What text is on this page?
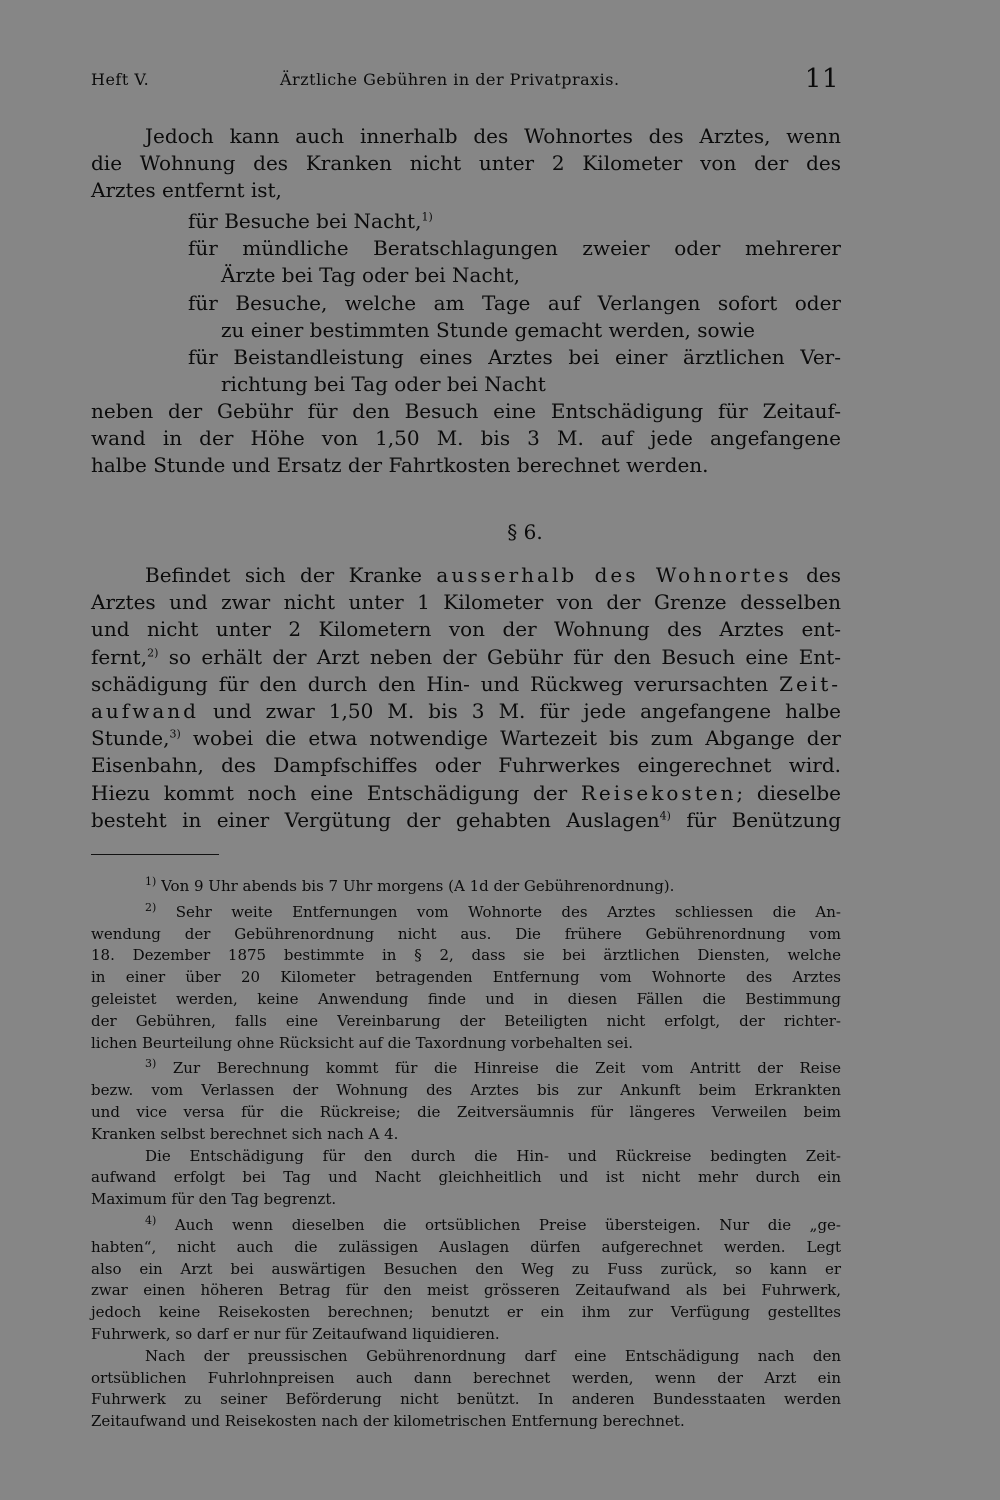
Heft V.	Ärztliche Gebühren in der Privatpraxis.	11
Jedoch kann auch innerhalb des Wohnortes des Arztes, wenn
die Wohnung des Kranken nicht unter 2 Kilometer von der des
Arztes entfernt ist,
für Besuche bei Nacht,$^{1)}$
für mündliche Beratschlagungen zweier oder mehrerer
Ärzte bei Tag oder bei Nacht,
für Besuche, welche am Tage auf Verlangen sofort oder
zu einer bestimmten Stunde gemacht werden, sowie
für Beistandleistung eines Arztes bei einer ärztlichen Ver-
richtung bei Tag oder bei Nacht
neben der Gebühr für den Besuch eine Entschädigung für Zeitauf-
wand in der Höhe von 1,50 M. bis 3 M. auf jede angefangene
halbe Stunde und Ersatz der Fahrtkosten berechnet werden.
§ 6.
Befindet sich der Kranke ausserhalb des Wohnortes des
Arztes und zwar nicht unter 1 Kilometer von der Grenze desselben
und nicht unter 2 Kilometern von der Wohnung des Arztes ent-
fernt,$^{2)}$ so erhält der Arzt neben der Gebühr für den Besuch eine Ent-
schädigung für den durch den Hin- und Rückweg verursachten Zeit-
aufwand und zwar 1,50 M. bis 3 M. für jede angefangene halbe
Stunde,$^{3)}$ wobei die etwa notwendige Wartezeit bis zum Abgange der
Eisenbahn, des Dampfschiffes oder Fuhrwerkes eingerechnet wird.
Hiezu kommt noch eine Entschädigung der Reisekosten; dieselbe
besteht in einer Vergütung der gehabten Auslagen$^{4)}$ für Benützung
$^{1)}$ Von 9 Uhr abends bis 7 Uhr morgens (A 1d der Gebührenordnung).
$^{2)}$ Sehr weite Entfernungen vom Wohnorte des Arztes schliessen die An-
wendung der Gebührenordnung nicht aus. Die frühere Gebührenordnung vom
18. Dezember 1875 bestimmte in § 2, dass sie bei ärztlichen Diensten, welche
in einer über 20 Kilometer betragenden Entfernung vom Wohnorte des Arztes
geleistet werden, keine Anwendung finde und in diesen Fällen die Bestimmung
der Gebühren, falls eine Vereinbarung der Beteiligten nicht erfolgt, der richter-
lichen Beurteilung ohne Rücksicht auf die Taxordnung vorbehalten sei.
$^{3)}$ Zur Berechnung kommt für die Hinreise die Zeit vom Antritt der Reise
bezw. vom Verlassen der Wohnung des Arztes bis zur Ankunft beim Erkrankten
und vice versa für die Rückreise; die Zeitversäumnis für längeres Verweilen beim
Kranken selbst berechnet sich nach A 4.
Die Entschädigung für den durch die Hin- und Rückreise bedingten Zeit-
aufwand erfolgt bei Tag und Nacht gleichheitlich und ist nicht mehr durch ein
Maximum für den Tag begrenzt.
$^{4)}$ Auch wenn dieselben die ortsüblichen Preise übersteigen. Nur die „ge-
habten“, nicht auch die zulässigen Auslagen dürfen aufgerechnet werden. Legt
also ein Arzt bei auswärtigen Besuchen den Weg zu Fuss zurück, so kann er
zwar einen höheren Betrag für den meist grösseren Zeitaufwand als bei Fuhrwerk,
jedoch keine Reisekosten berechnen; benutzt er ein ihm zur Verfügung gestelltes
Fuhrwerk, so darf er nur für Zeitaufwand liquidieren.
Nach der preussischen Gebührenordnung darf eine Entschädigung nach den
ortsüblichen Fuhrlohnpreisen auch dann berechnet werden, wenn der Arzt ein
Fuhrwerk zu seiner Beförderung nicht benützt. In anderen Bundesstaaten werden
Zeitaufwand und Reisekosten nach der kilometrischen Entfernung berechnet.
